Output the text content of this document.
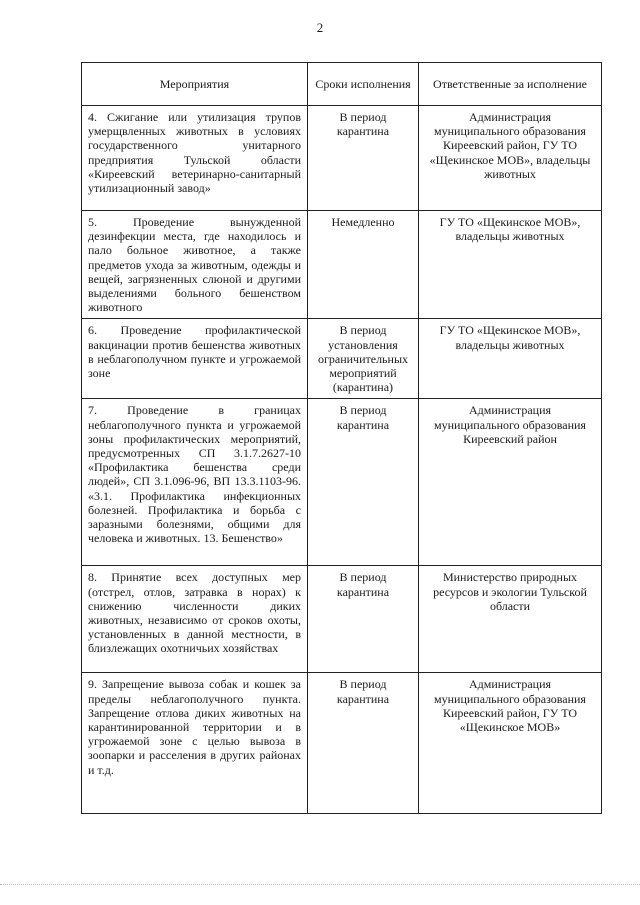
2
Мероприятия	Сроки исполнения	Ответственные за исполнение
4. Сжигание или утилизация трупов умерщвленных животных в условиях государственного унитарного предприятия Тульской области «Киреевский ветеринарно-санитарный утилизационный завод»	В период карантина	Администрация муниципального образования Киреевский район, ГУ ТО «Щекинское МОВ», владельцы животных
5. Проведение вынужденной дезинфекции места, где находилось и пало больное животное, а также предметов ухода за животным, одежды и вещей, загрязненных слюной и другими выделениями больного бешенством животного	Немедленно	ГУ ТО «Щекинское МОВ», владельцы животных
6. Проведение профилактической вакцинации против бешенства животных в неблагополучном пункте и угрожаемой зоне	В период установления ограничительных мероприятий (карантина)	ГУ ТО «Щекинское МОВ», владельцы животных
7. Проведение в границах неблагополучного пункта и угрожаемой зоны профилактических мероприятий, предусмотренных СП 3.1.7.2627-10 «Профилактика бешенства среди людей», СП 3.1.096-96, ВП 13.3.1103-96. «3.1. Профилактика инфекционных болезней. Профилактика и борьба с заразными болезнями, общими для человека и животных. 13. Бешенство»	В период карантина	Администрация муниципального образования Киреевский район
8. Принятие всех доступных мер (отстрел, отлов, затравка в норах) к снижению численности диких животных, независимо от сроков охоты, установленных в данной местности, в близлежащих охотничьих хозяйствах	В период карантина	Министерство природных ресурсов и экологии Тульской области
9. Запрещение вывоза собак и кошек за пределы неблагополучного пункта. Запрещение отлова диких животных на карантинированной территории и в угрожаемой зоне с целью вывоза в зоопарки и расселения в других районах и т.д.	В период карантина	Администрация муниципального образования Киреевский район, ГУ ТО «Щекинское МОВ»
